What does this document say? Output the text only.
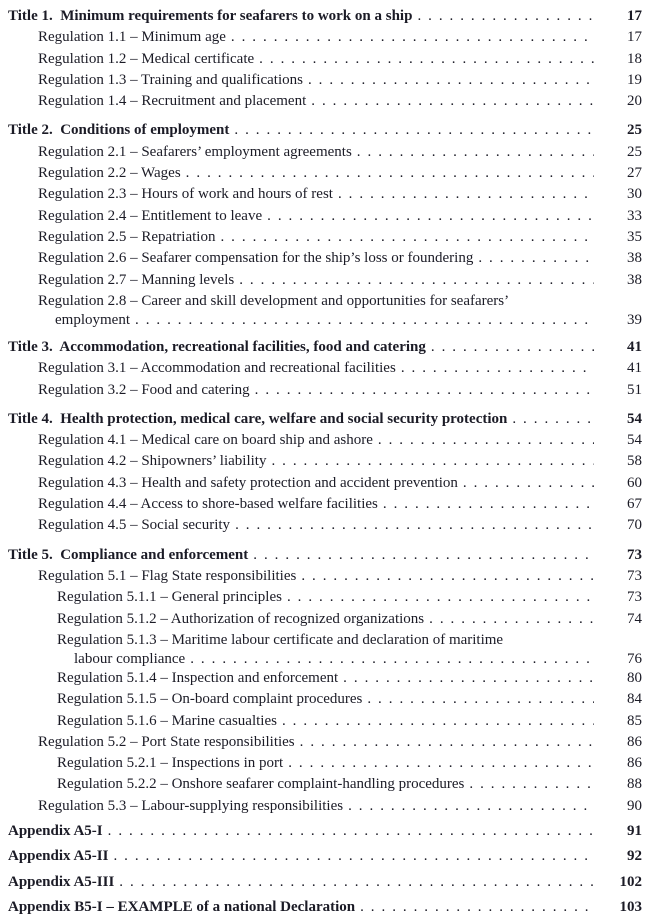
Title 1.  Minimum requirements for seafarers to work on a ship . . .	17
Regulation 1.1 – Minimum age . . .	17
Regulation 1.2 – Medical certificate . . .	18
Regulation 1.3 – Training and qualifications . . .	19
Regulation 1.4 – Recruitment and placement . . .	20
Title 2.  Conditions of employment . . .	25
Regulation 2.1 – Seafarers’ employment agreements . . .	25
Regulation 2.2 – Wages . . .	27
Regulation 2.3 – Hours of work and hours of rest . . .	30
Regulation 2.4 – Entitlement to leave . . .	33
Regulation 2.5 – Repatriation . . .	35
Regulation 2.6 – Seafarer compensation for the ship’s loss or foundering . . .	38
Regulation 2.7 – Manning levels . . .	38
Regulation 2.8 – Career and skill development and opportunities for seafarers’
employment . . .	39
Title 3.  Accommodation, recreational facilities, food and catering . . .	41
Regulation 3.1 – Accommodation and recreational facilities . . .	41
Regulation 3.2 – Food and catering . . .	51
Title 4.  Health protection, medical care, welfare and social security protection . . .	54
Regulation 4.1 – Medical care on board ship and ashore . . .	54
Regulation 4.2 – Shipowners’ liability . . .	58
Regulation 4.3 – Health and safety protection and accident prevention . . .	60
Regulation 4.4 – Access to shore-based welfare facilities . . .	67
Regulation 4.5 – Social security . . .	70
Title 5.  Compliance and enforcement . . .	73
Regulation 5.1 – Flag State responsibilities . . .	73
Regulation 5.1.1 – General principles . . .	73
Regulation 5.1.2 – Authorization of recognized organizations . . .	74
Regulation 5.1.3 – Maritime labour certificate and declaration of maritime
labour compliance . . .	76
Regulation 5.1.4 – Inspection and enforcement . . .	80
Regulation 5.1.5 – On-board complaint procedures . . .	84
Regulation 5.1.6 – Marine casualties . . .	85
Regulation 5.2 – Port State responsibilities . . .	86
Regulation 5.2.1 – Inspections in port . . .	86
Regulation 5.2.2 – Onshore seafarer complaint-handling procedures . . .	88
Regulation 5.3 – Labour-supplying responsibilities . . .	90
Appendix A5-I . . .	91
Appendix A5-II . . .	92
Appendix A5-III . . .	102
Appendix B5-I – EXAMPLE of a national Declaration . . .	103
